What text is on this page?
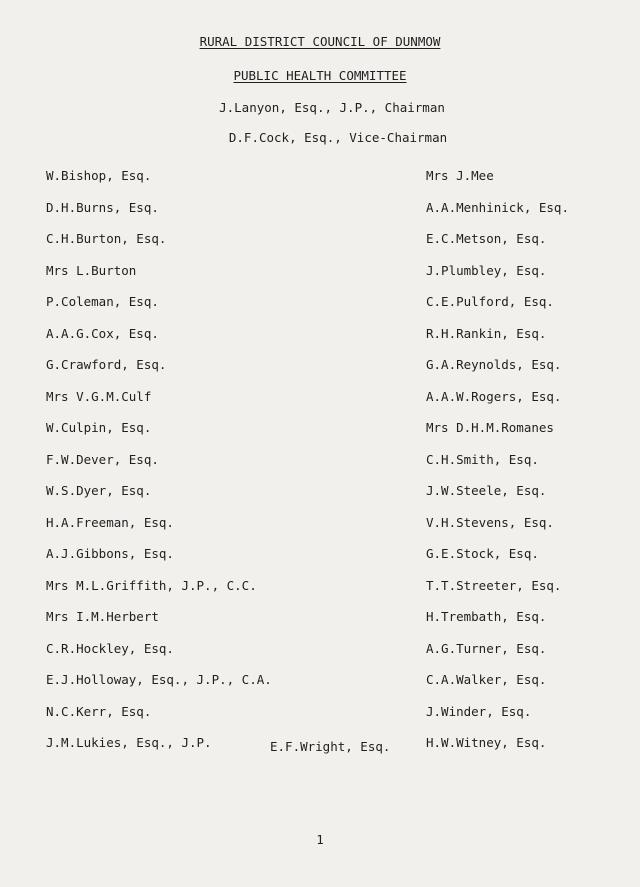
RURAL DISTRICT COUNCIL OF DUNMOW
PUBLIC HEALTH COMMITTEE
J.Lanyon, Esq., J.P., Chairman
D.F.Cock, Esq., Vice-Chairman
W.Bishop, Esq.
D.H.Burns, Esq.
C.H.Burton, Esq.
Mrs L.Burton
P.Coleman, Esq.
A.A.G.Cox, Esq.
G.Crawford, Esq.
Mrs V.G.M.Culf
W.Culpin, Esq.
F.W.Dever, Esq.
W.S.Dyer, Esq.
H.A.Freeman, Esq.
A.J.Gibbons, Esq.
Mrs M.L.Griffith, J.P., C.C.
Mrs I.M.Herbert
C.R.Hockley, Esq.
E.J.Holloway, Esq., J.P., C.A.
N.C.Kerr, Esq.
J.M.Lukies, Esq., J.P.
Mrs J.Mee
A.A.Menhinick, Esq.
E.C.Metson, Esq.
J.Plumbley, Esq.
C.E.Pulford, Esq.
R.H.Rankin, Esq.
G.A.Reynolds, Esq.
A.A.W.Rogers, Esq.
Mrs D.H.M.Romanes
C.H.Smith, Esq.
J.W.Steele, Esq.
V.H.Stevens, Esq.
G.E.Stock, Esq.
T.T.Streeter, Esq.
H.Trembath, Esq.
A.G.Turner, Esq.
C.A.Walker, Esq.
J.Winder, Esq.
H.W.Witney, Esq.
E.F.Wright, Esq.
1
